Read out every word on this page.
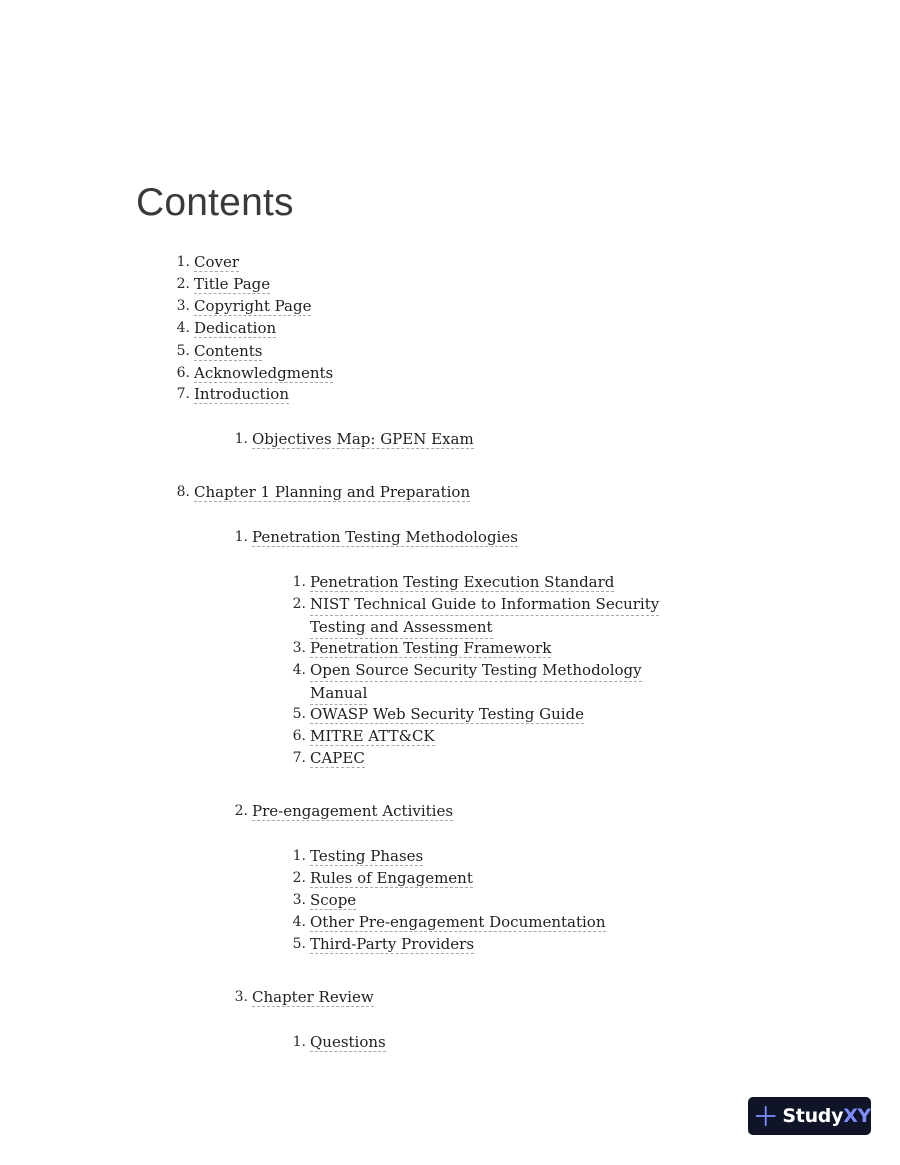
Contents
1. Cover
2. Title Page
3. Copyright Page
4. Dedication
5. Contents
6. Acknowledgments
7. Introduction
1. Objectives Map: GPEN Exam
8. Chapter 1 Planning and Preparation
1. Penetration Testing Methodologies
1. Penetration Testing Execution Standard
2. NIST Technical Guide to Information Security
Testing and Assessment
3. Penetration Testing Framework
4. Open Source Security Testing Methodology
Manual
5. OWASP Web Security Testing Guide
6. MITRE ATT&CK
7. CAPEC
2. Pre-engagement Activities
1. Testing Phases
2. Rules of Engagement
3. Scope
4. Other Pre-engagement Documentation
5. Third-Party Providers
3. Chapter Review
1. Questions
StudyXY
